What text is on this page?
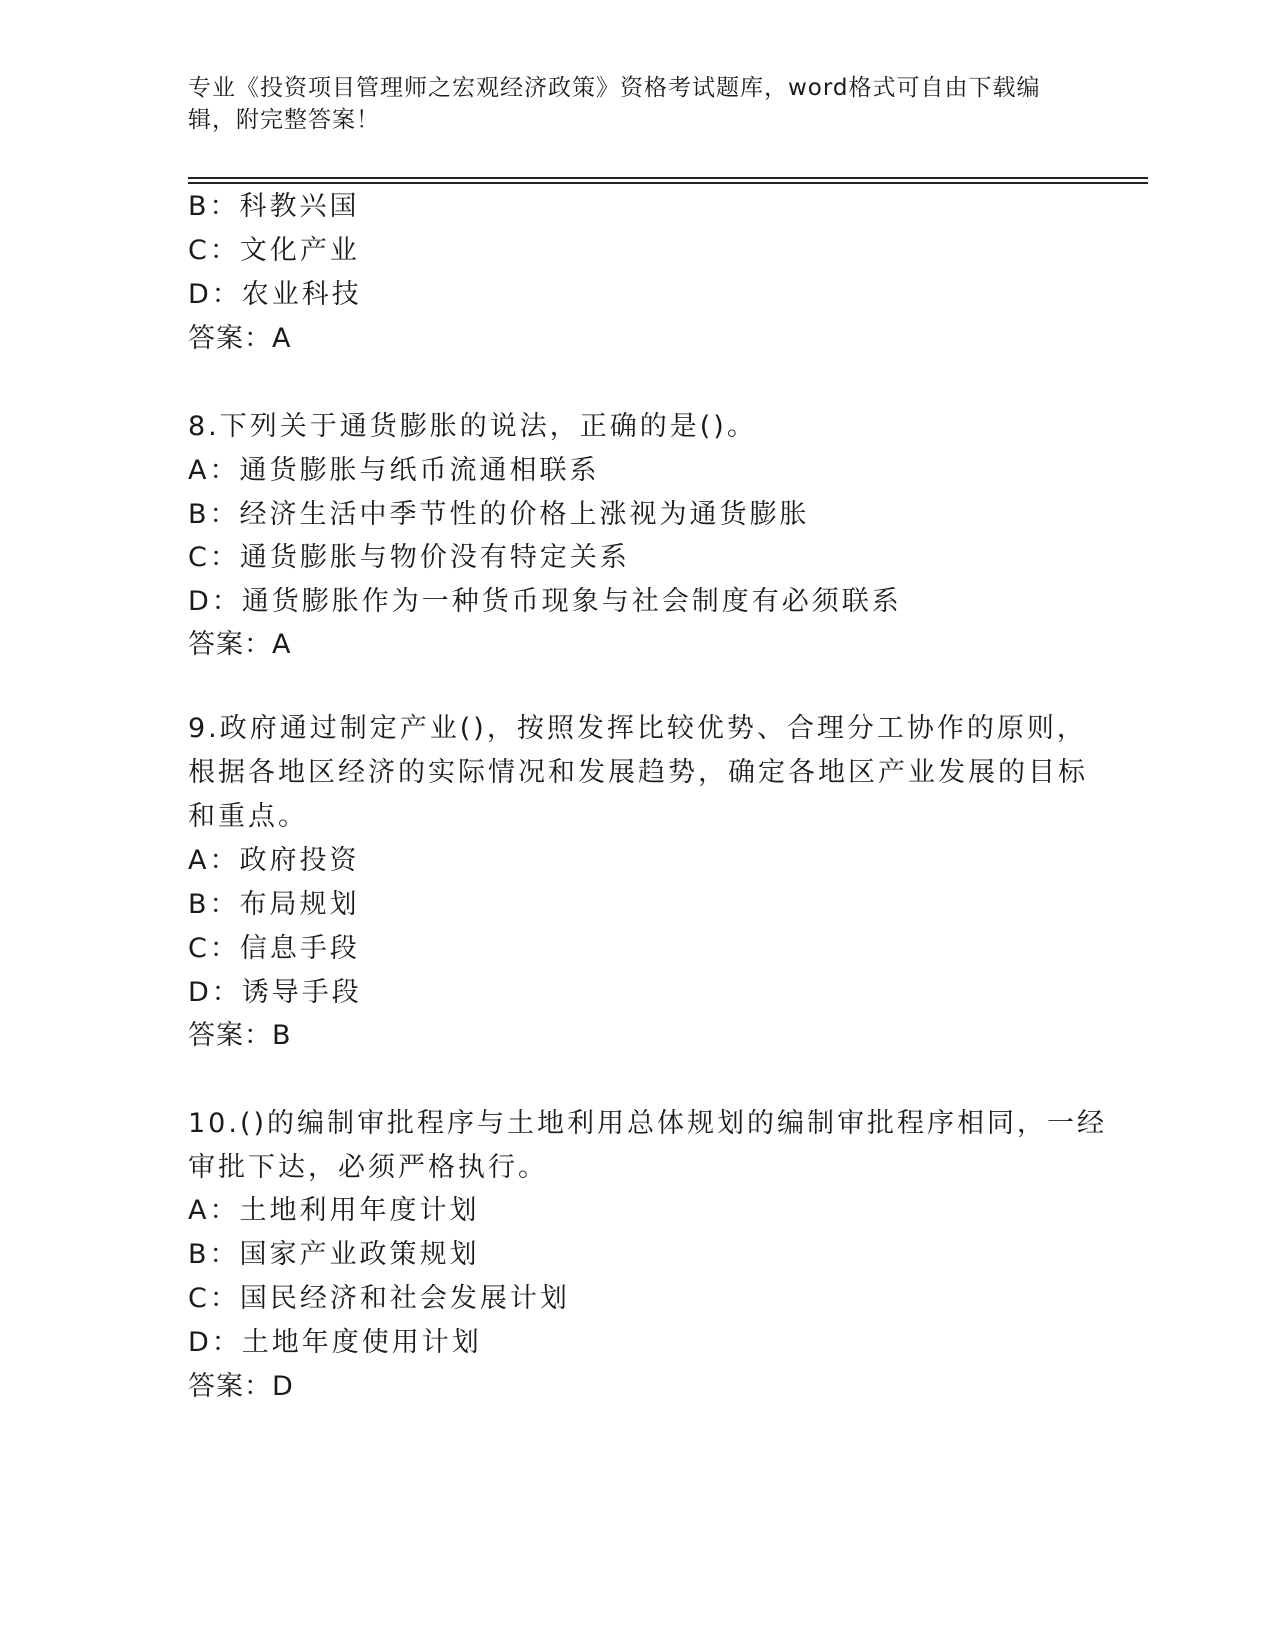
专业《投资项目管理师之宏观经济政策》资格考试题库，word格式可自由下载编辑，附完整答案！
B：科教兴国
C：文化产业
D：农业科技
答案：A
8.下列关于通货膨胀的说法，正确的是()。
A：通货膨胀与纸币流通相联系
B：经济生活中季节性的价格上涨视为通货膨胀
C：通货膨胀与物价没有特定关系
D：通货膨胀作为一种货币现象与社会制度有必须联系
答案：A
9.政府通过制定产业()，按照发挥比较优势、合理分工协作的原则，
根据各地区经济的实际情况和发展趋势，确定各地区产业发展的目标
和重点。
A：政府投资
B：布局规划
C：信息手段
D：诱导手段
答案：B
10.()的编制审批程序与土地利用总体规划的编制审批程序相同，一经
审批下达，必须严格执行。
A：土地利用年度计划
B：国家产业政策规划
C：国民经济和社会发展计划
D：土地年度使用计划
答案：D
